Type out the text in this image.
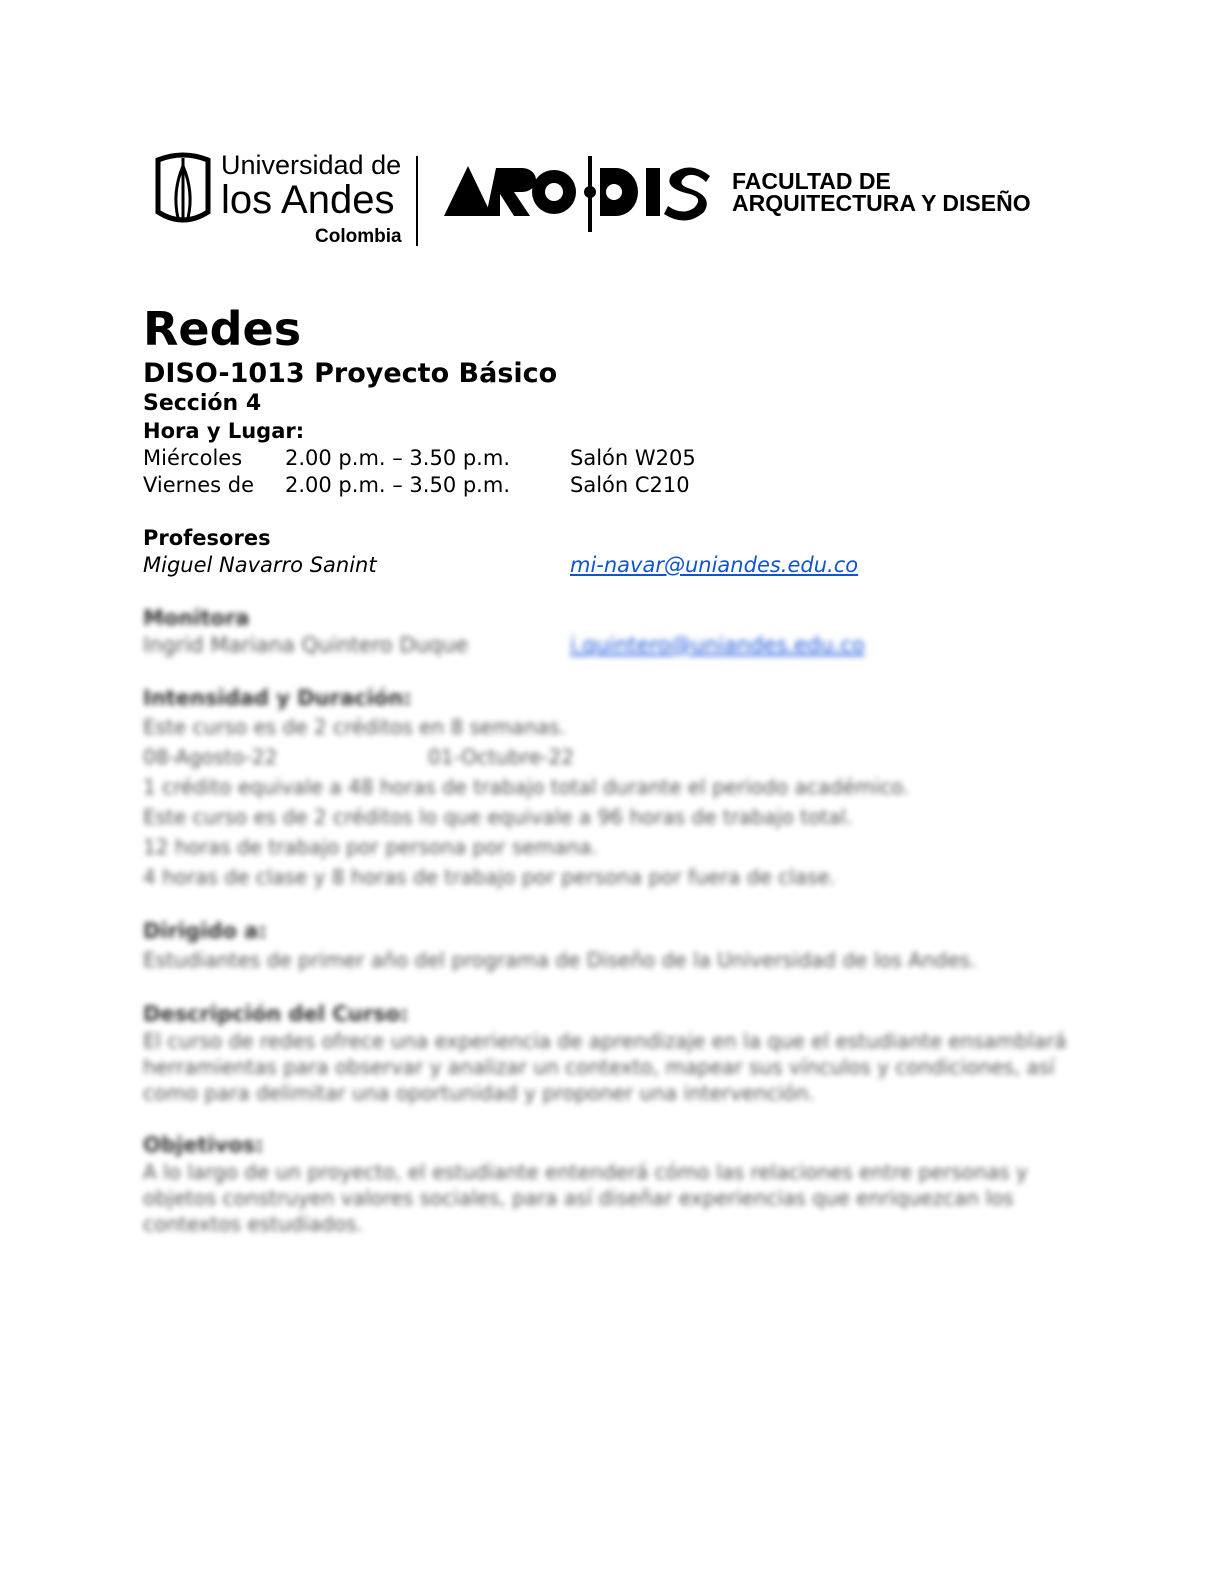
Universidad de
los Andes
Colombia
FACULTAD DE
ARQUITECTURA Y DISEÑO
Redes
DISO-1013 Proyecto Básico
Sección 4
Hora y Lugar:
Miércoles 2.00 p.m. – 3.50 p.m.	Salón W205
Viernes de 2.00 p.m. – 3.50 p.m.	Salón C210
Profesores
Miguel Navarro Sanint	mi-navar@uniandes.edu.co
Monitora
Ingrid Mariana Quintero Duque	i.quintero@uniandes.edu.co
Intensidad y Duración:
Este curso es de 2 créditos en 8 semanas.
08-Agosto-22	01-Octubre-22
1 crédito equivale a 48 horas de trabajo total durante el periodo académico.
Este curso es de 2 créditos lo que equivale a 96 horas de trabajo total.
12 horas de trabajo por persona por semana.
4 horas de clase y 8 horas de trabajo por persona por fuera de clase.
Dirigido a:
Estudiantes de primer año del programa de Diseño de la Universidad de los Andes.
Descripción del Curso:
El curso de redes ofrece una experiencia de aprendizaje en la que el estudiante ensamblará herramientas para observar y analizar un contexto, mapear sus vínculos y condiciones, así como para delimitar una oportunidad y proponer una intervención.
Objetivos:
A lo largo de un proyecto, el estudiante entenderá cómo las relaciones entre personas y objetos construyen valores sociales, para así diseñar experiencias que enriquezcan los contextos estudiados.
